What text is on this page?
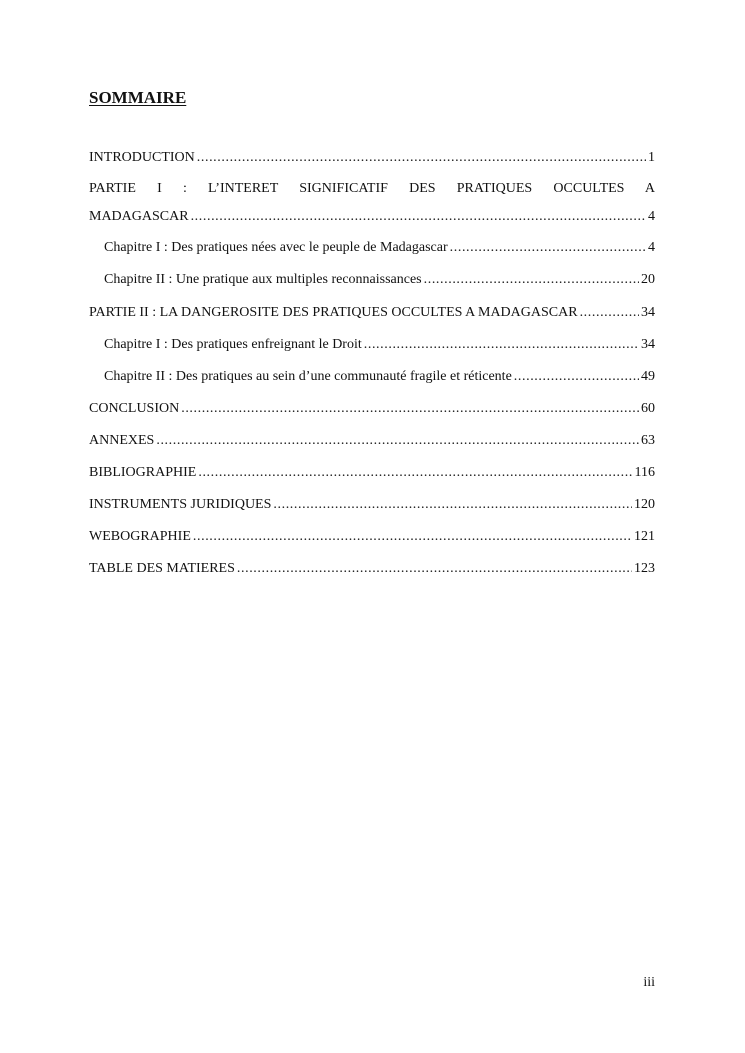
SOMMAIRE
INTRODUCTION .....	1
PARTIE I : L’INTERET SIGNIFICATIF DES PRATIQUES OCCULTES A
MADAGASCAR .....	4
Chapitre I : Des pratiques nées avec le peuple de Madagascar .....	4
Chapitre II : Une pratique aux multiples reconnaissances .....	20
PARTIE II : LA DANGEROSITE DES PRATIQUES OCCULTES A MADAGASCAR .....	34
Chapitre I : Des pratiques enfreignant le Droit .....	34
Chapitre II : Des pratiques au sein d’une communauté fragile et réticente .....	49
CONCLUSION .....	60
ANNEXES .....	63
BIBLIOGRAPHIE .....	116
INSTRUMENTS JURIDIQUES .....	120
WEBOGRAPHIE .....	121
TABLE DES MATIERES .....	123
iii
